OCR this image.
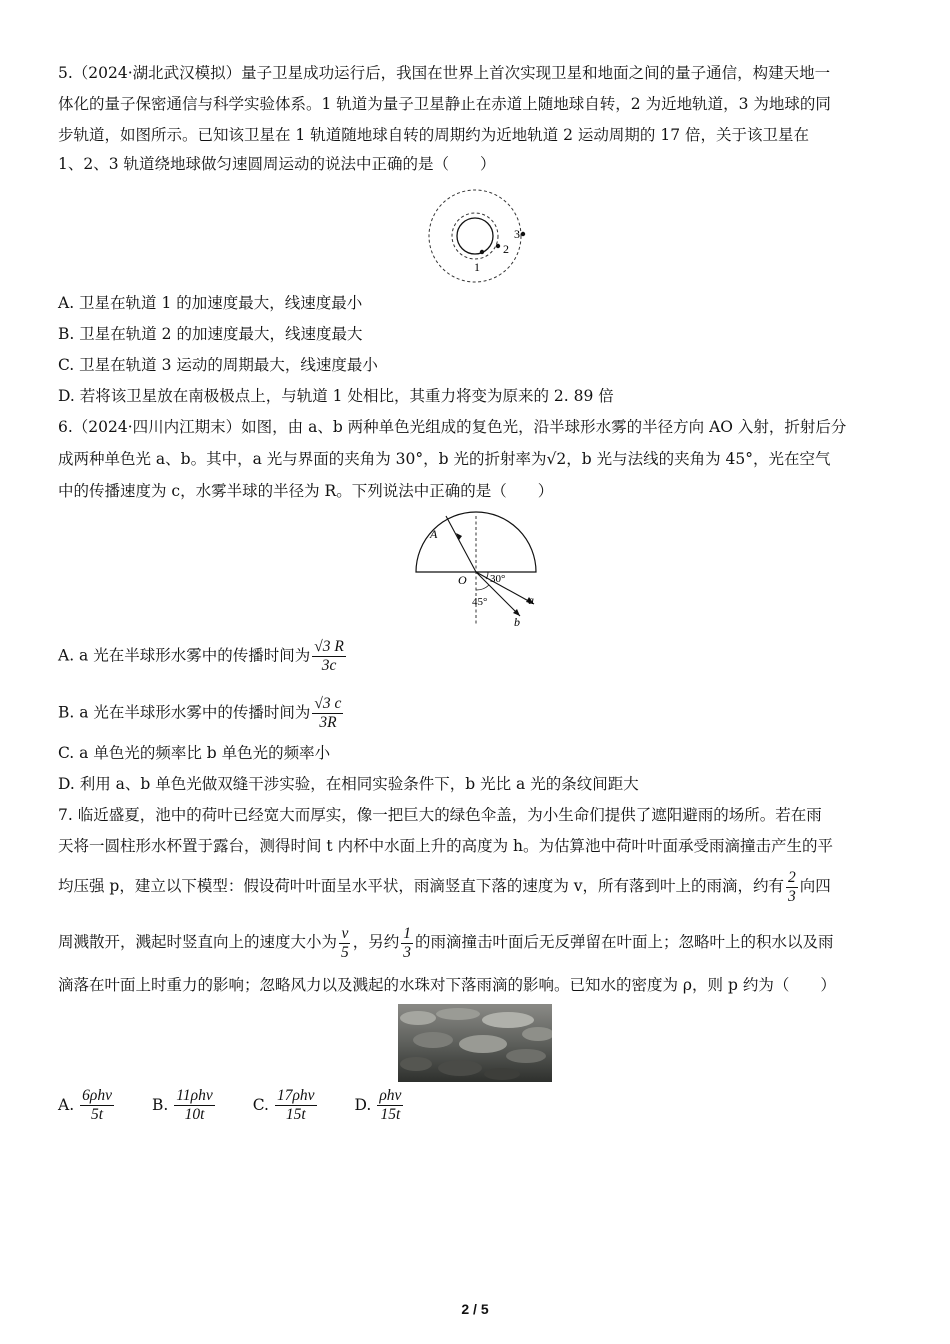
5.（2024·湖北武汉模拟）量子卫星成功运行后，我国在世界上首次实现卫星和地面之间的量子通信，构建天地一
体化的量子保密通信与科学实验体系。1 轨道为量子卫星静止在赤道上随地球自转，2 为近地轨道，3 为地球的同
步轨道，如图所示。已知该卫星在 1 轨道随地球自转的周期约为近地轨道 2 运动周期的 17 倍，关于该卫星在
1、2、3 轨道绕地球做匀速圆周运动的说法中正确的是（　　）
1
2
3
A. 卫星在轨道 1 的加速度最大，线速度最小
B. 卫星在轨道 2 的加速度最大，线速度最大
C. 卫星在轨道 3 运动的周期最大，线速度最小
D. 若将该卫星放在南极极点上，与轨道 1 处相比，其重力将变为原来的 2. 89 倍
6.（2024·四川内江期末）如图，由 a、b 两种单色光组成的复色光，沿半球形水雾的半径方向 AO 入射，折射后分
成两种单色光 a、b。其中，a 光与界面的夹角为 30°，b 光的折射率为√2，b 光与法线的夹角为 45°，光在空气
中的传播速度为 c，水雾半球的半径为 R。下列说法中正确的是（　　）
A
O 30°
45°	a
b
A. a 光在半球形水雾中的传播时间为 $\frac{√3 R}{3c}$
B. a 光在半球形水雾中的传播时间为 $\frac{√3 c}{3R}$
C. a 单色光的频率比 b 单色光的频率小
D. 利用 a、b 单色光做双缝干涉实验，在相同实验条件下，b 光比 a 光的条纹间距大
7. 临近盛夏，池中的荷叶已经宽大而厚实，像一把巨大的绿色伞盖，为小生命们提供了遮阳避雨的场所。若在雨
天将一圆柱形水杯置于露台，测得时间 t 内杯中水面上升的高度为 h。为估算池中荷叶叶面承受雨滴撞击产生的平
均压强 p，建立以下模型：假设荷叶叶面呈水平状，雨滴竖直下落的速度为 v，所有落到叶上的雨滴，约有 $\frac{2}{3}$ 向四
周溅散开，溅起时竖直向上的速度大小为 $\frac{v}{5}$ ，另约 $\frac{1}{3}$ 的雨滴撞击叶面后无反弹留在叶面上；忽略叶上的积水以及雨
滴落在叶面上时重力的影响；忽略风力以及溅起的水珠对下落雨滴的影响。已知水的密度为 ρ，则 p 约为（　　）
A. $\frac{\text{6ρhv}}{5t} B$. $\frac{\text{11ρhv}}{10t} C$. $\frac{\text{17ρhv}}{15t} D$. $\frac{\text{ρhv}}{15t}$
2 / 5
